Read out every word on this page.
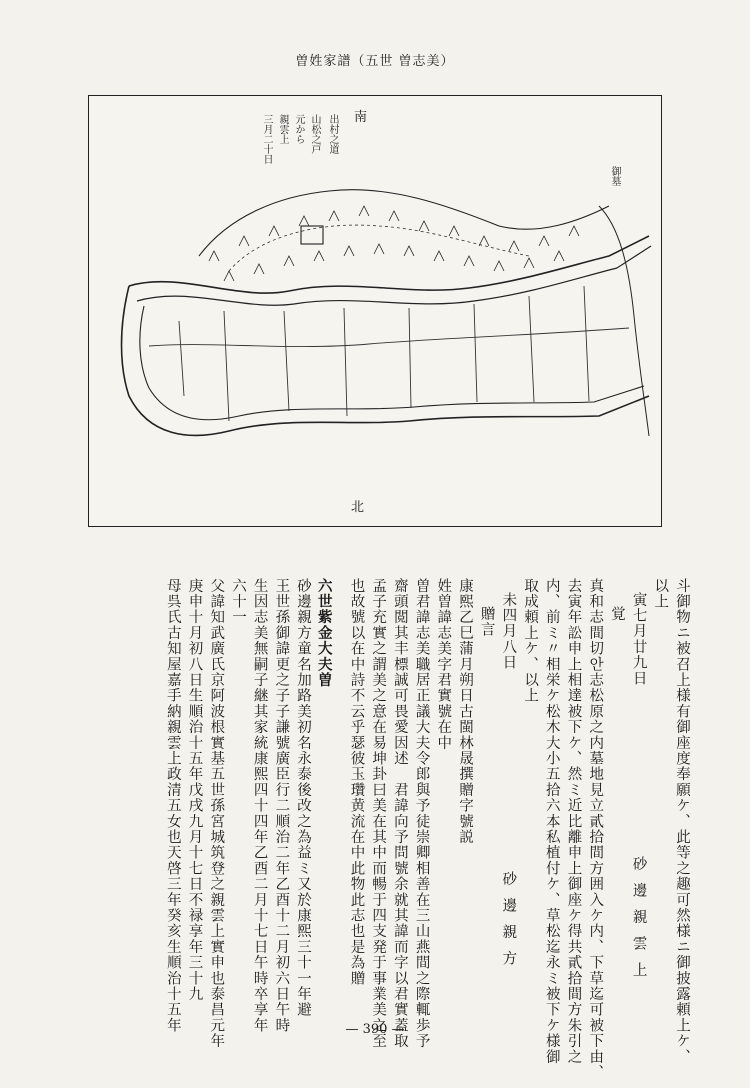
曽姓家譜（五世 曽志美）
南
出村之道
山松之戸
元から
親雲上
三月二十日
御墓
北
斗御物ニ被召上様有御座度奉願ケ、此等之趣可然様ニ御披露頼上ケ、
以上
寅七月廿九日砂邊親雲上
覚
真和志間切안志松原之内墓地見立貳拾間方囲入ケ内、下草迄可被下由、
去寅年訟申上相達被下ケ、然ミ近比離申上御座ケ得共貳拾間方朱引之
内、前ミ〃相栄ケ松木大小五拾六本私植付ケ、草松迄永ミ被下ケ様御
取成頼上ケ、以上
未四月八日砂邊親方
贈言
康熙乙巳蒲月朔日古閩林晟撰贈字號説
姓曽諱志美字君實號在中
曽君諱志美職居正議大夫令郎與予徒崇卿相善在三山燕間之際輒歩予
齋頭閲其丰標誠可畏愛因述　君諱向予問號余就其諱而字以君實蓋取
孟子充實之謂美之意在易坤卦曰美在其中而暢于四支発于事業美之至
也故號以在中詩不云乎瑟彼玉瓚黄流在中此物此志也是為贈
六世紫金大夫曽
砂邊親方童名加路美初名永泰後改之為益ミ又於康熙三十一年避
王世孫御諱更之子子謙號廣臣行二順治二年乙酉十二月初六日午時
生因志美無嗣子継其家統康熙四十四年乙酉二月十七日午時卒享年
六十一
父諱知武廣氏京阿波根實基五世孫宮城筑登之親雲上實申也泰昌元年
庚申十月初八日生順治十五年戊戌九月十七日不禄享年三十九
母呉氏古知屋嘉手納親雲上政清五女也天啓三年癸亥生順治十五年	— 390 —
